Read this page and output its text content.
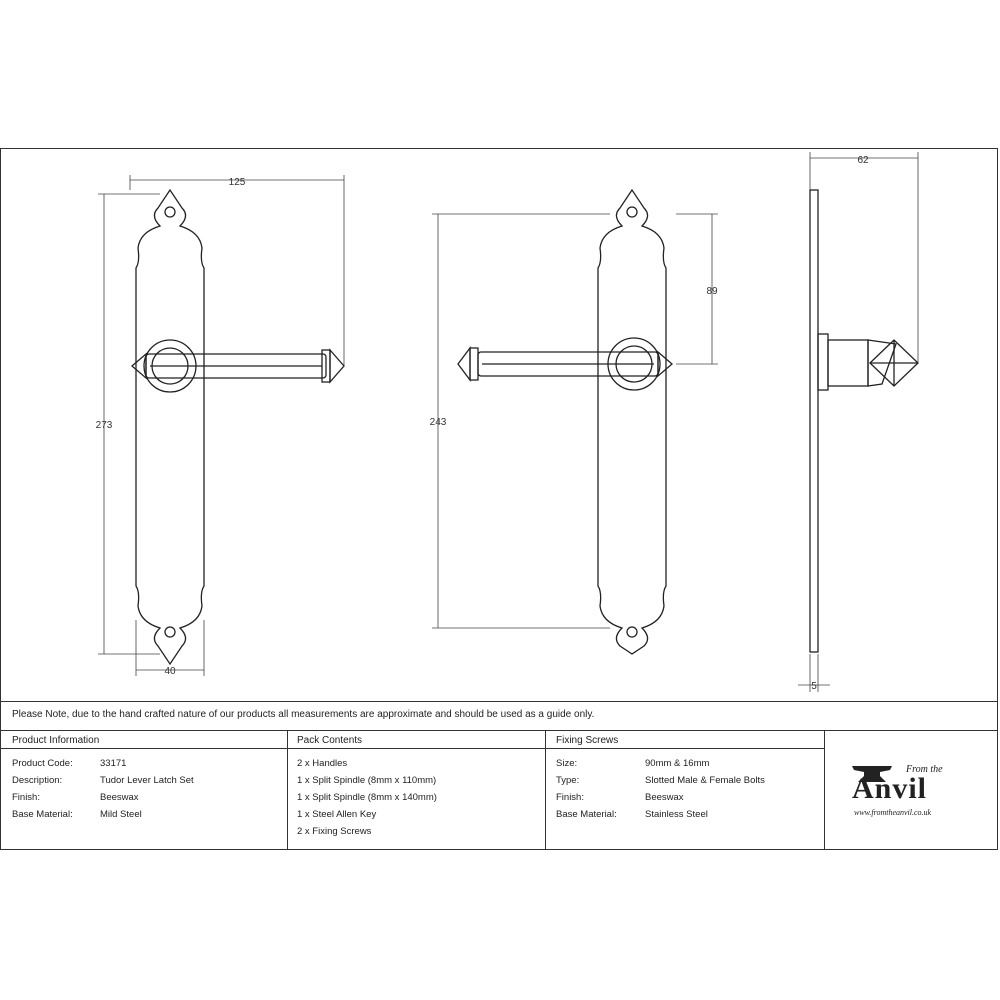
125
273
40
243
89
62
5
Please Note, due to the hand crafted nature of our products all measurements are approximate and should be used as a guide only.
Product Information
Product Code:	33171
Description:	Tudor Lever Latch Set
Finish:	Beeswax
Base Material:	Mild Steel
Pack Contents
2 x Handles
1 x Split Spindle (8mm x 110mm)
1 x Split Spindle (8mm x 140mm)
1 x Steel Allen Key
2 x Fixing Screws
Fixing Screws
Size:	90mm & 16mm
Type:	Slotted Male & Female Bolts
Finish:	Beeswax
Base Material:	Stainless Steel
From the
Anvil
www.fromtheanvil.co.uk
